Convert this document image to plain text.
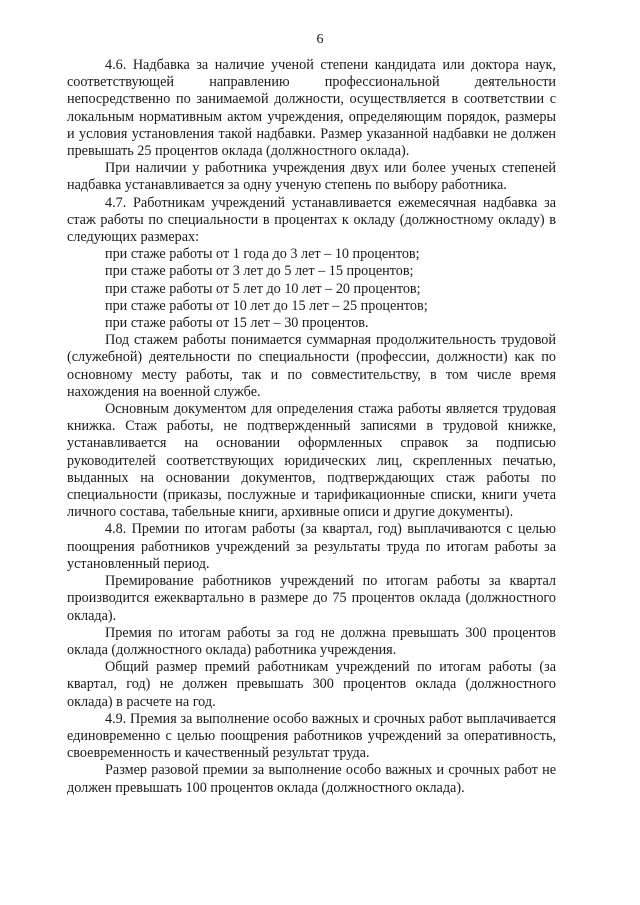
6

4.6. Надбавка за наличие ученой степени кандидата или доктора наук, соответствующей направлению профессиональной деятельности непосредственно по занимаемой должности, осуществляется в соответствии с локальным нормативным актом учреждения, определяющим порядок, размеры и условия установления такой надбавки. Размер указанной надбавки не должен превышать 25 процентов оклада (должностного оклада).

При наличии у работника учреждения двух или более ученых степеней надбавка устанавливается за одну ученую степень по выбору работника.

4.7. Работникам учреждений устанавливается ежемесячная надбавка за стаж работы по специальности в процентах к окладу (должностному окладу) в следующих размерах:

при стаже работы от 1 года до 3 лет – 10 процентов;

при стаже работы от 3 лет до 5 лет – 15 процентов;

при стаже работы от 5 лет до 10 лет – 20 процентов;

при стаже работы от 10 лет до 15 лет – 25 процентов;

при стаже работы от 15 лет – 30 процентов.

Под стажем работы понимается суммарная продолжительность трудовой (служебной) деятельности по специальности (профессии, должности) как по основному месту работы, так и по совместительству, в том числе время нахождения на военной службе.

Основным документом для определения стажа работы является трудовая книжка. Стаж работы, не подтвержденный записями в трудовой книжке, устанавливается на основании оформленных справок за подписью руководителей соответствующих юридических лиц, скрепленных печатью, выданных на основании документов, подтверждающих стаж работы по специальности (приказы, послужные и тарификационные списки, книги учета личного состава, табельные книги, архивные описи и другие документы).

4.8. Премии по итогам работы (за квартал, год) выплачиваются с целью поощрения работников учреждений за результаты труда по итогам работы за установленный период.

Премирование работников учреждений по итогам работы за квартал производится ежеквартально в размере до 75 процентов оклада (должностного оклада).

Премия по итогам работы за год не должна превышать 300 процентов оклада (должностного оклада) работника учреждения.

Общий размер премий работникам учреждений по итогам работы (за квартал, год) не должен превышать 300 процентов оклада (должностного оклада) в расчете на год.

4.9. Премия за выполнение особо важных и срочных работ выплачивается единовременно с целью поощрения работников учреждений за оперативность, своевременность и качественный результат труда.

Размер разовой премии за выполнение особо важных и срочных работ не должен превышать 100 процентов оклада (должностного оклада).
